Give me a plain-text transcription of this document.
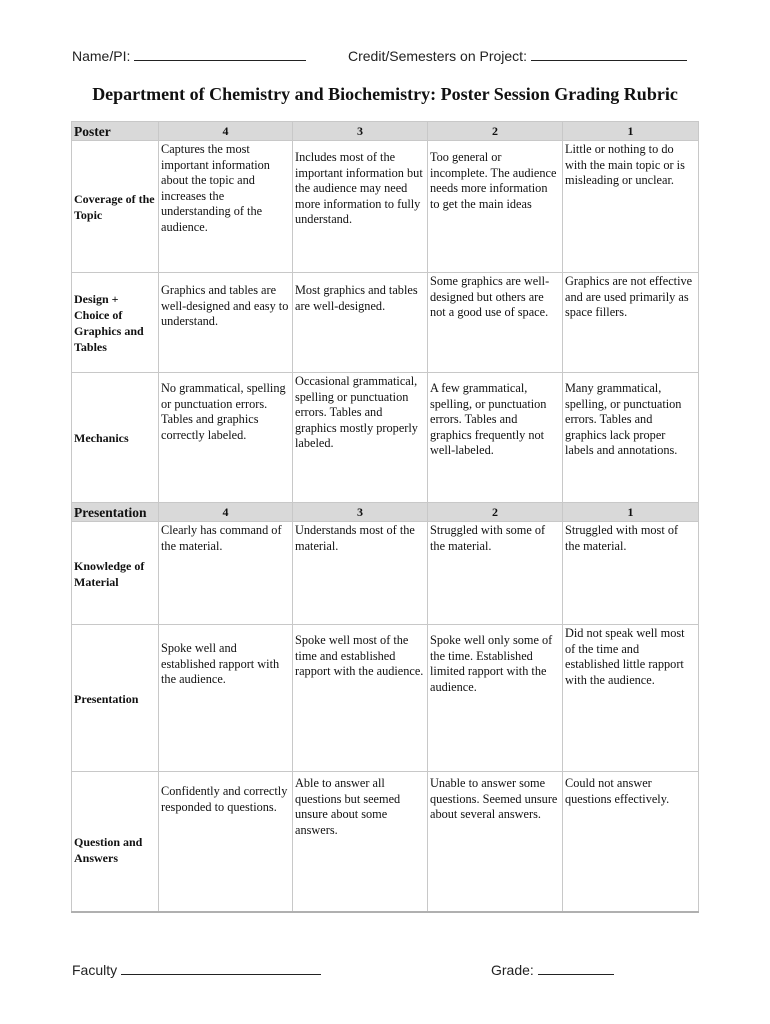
Name/PI:	Credit/Semesters on Project:
Department of Chemistry and Biochemistry: Poster Session Grading Rubric
Poster	4	3	2	1
Coverage of the Topic	Captures the most important information about the topic and increases the understanding of the audience.	Includes most of the important information but the audience may need more information to fully understand.	Too general or incomplete. The audience needs more information to get the main ideas	Little or nothing to do with the main topic or is misleading or unclear.
Design + Choice of Graphics and Tables	Graphics and tables are well-designed and easy to understand.	Most graphics and tables are well-designed.	Some graphics are well-designed but others are not a good use of space.	Graphics are not effective and are used primarily as space fillers.
Mechanics	No grammatical, spelling or punctuation errors. Tables and graphics correctly labeled.	Occasional grammatical, spelling or punctuation errors. Tables and graphics mostly properly labeled.	A few grammatical, spelling, or punctuation errors. Tables and graphics frequently not well-labeled.	Many grammatical, spelling, or punctuation errors. Tables and graphics lack proper labels and annotations.
Presentation	4	3	2	1
Knowledge of Material	Clearly has command of the material.	Understands most of the material.	Struggled with some of the material.	Struggled with most of the material.
Presentation	Spoke well and established rapport with the audience.	Spoke well most of the time and established rapport with the audience.	Spoke well only some of the time. Established limited rapport with the audience.	Did not speak well most of the time and established little rapport with the audience.
Question and Answers	Confidently and correctly responded to questions.	Able to answer all questions but seemed unsure about some answers.	Unable to answer some questions. Seemed unsure about several answers.	Could not answer questions effectively.
Faculty	Grade:
